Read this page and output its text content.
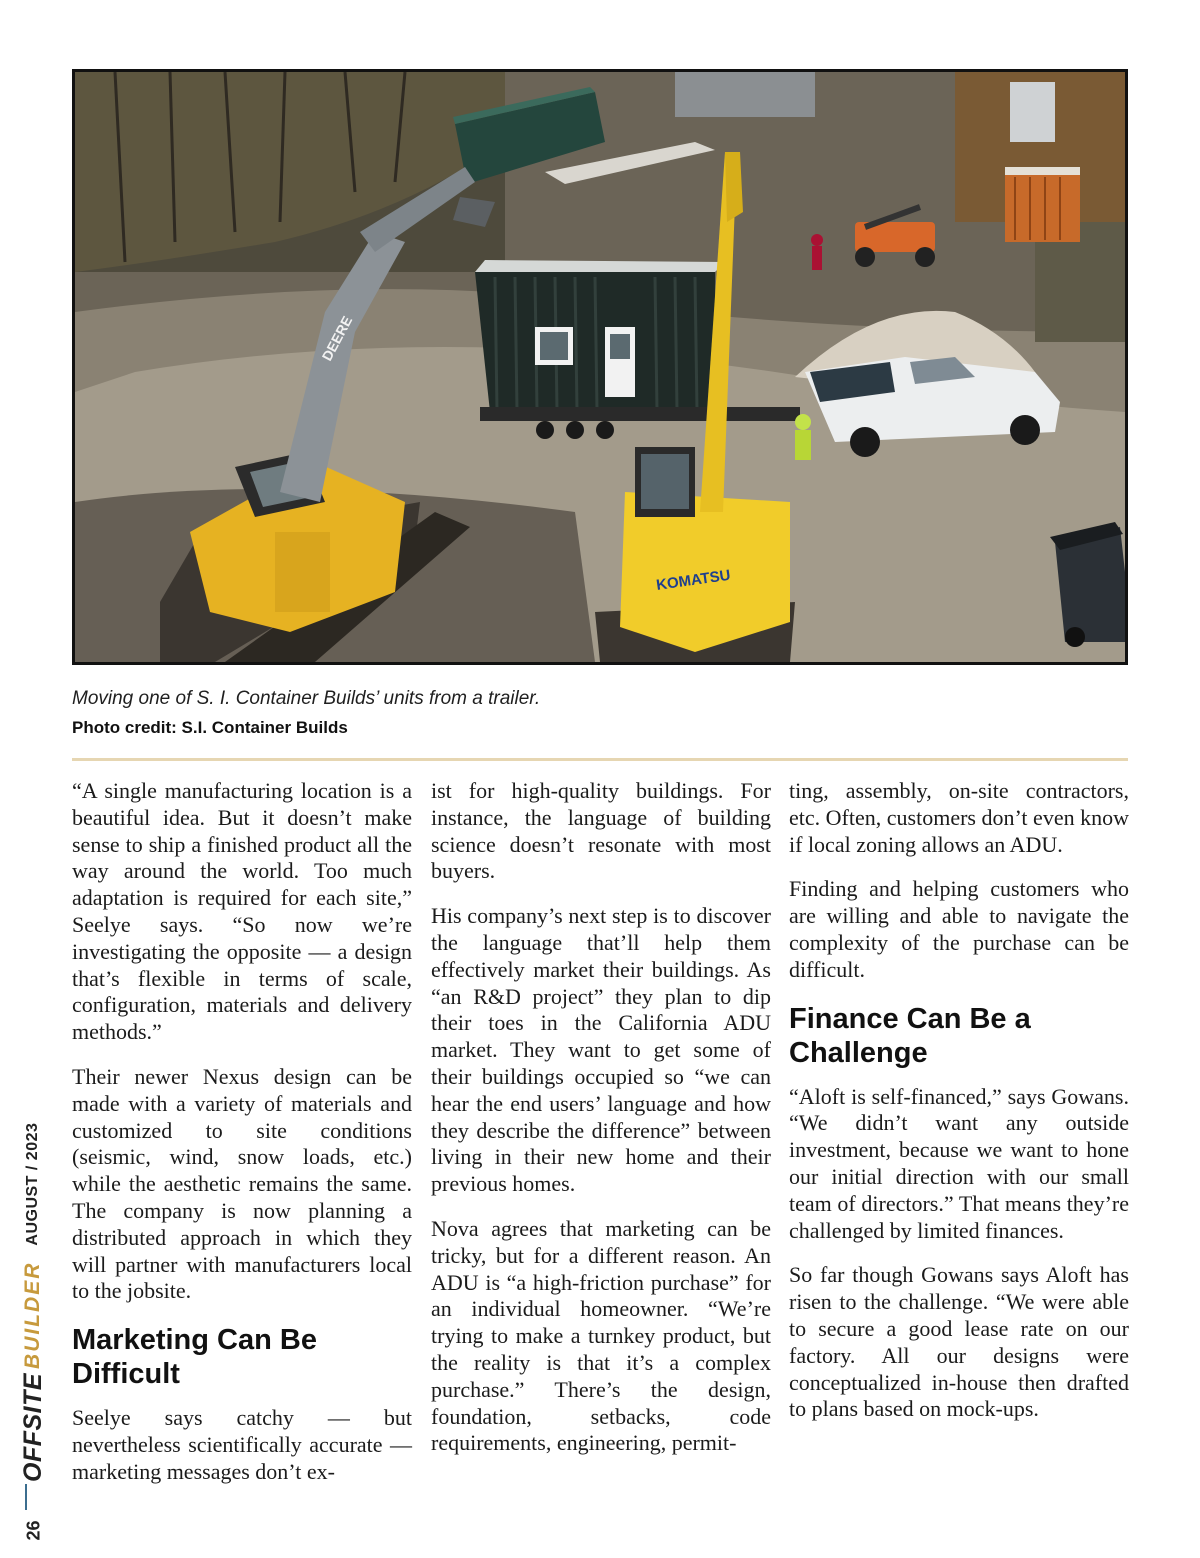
DEERE
KOMATSU
Moving one of S. I. Container Builds’ units from a trailer.
Photo credit: S.I. Container Builds

“A single manufacturing location is a beautiful idea. But it doesn’t make sense to ship a finished product all the way around the world. Too much adaptation is required for each site,” Seelye says. “So now we’re investigating the opposite — a design that’s flexible in terms of scale, configuration, materials and delivery methods.”

Their newer Nexus design can be made with a variety of materials and customized to site conditions (seismic, wind, snow loads, etc.) while the aesthetic remains the same. The company is now planning a distributed approach in which they will partner with manufacturers local to the jobsite.

Marketing Can Be Difficult

Seelye says catchy — but nevertheless scientifically accurate — marketing messages don’t ex-

ist for high-quality buildings. For instance, the language of building science doesn’t resonate with most buyers.

His company’s next step is to discover the language that’ll help them effectively market their buildings. As “an R&D project” they plan to dip their toes in the California ADU market. They want to get some of their buildings occupied so “we can hear the end users’ language and how they describe the difference” between living in their new home and their previous homes.

Nova agrees that marketing can be tricky, but for a different reason. An ADU is “a high-friction purchase” for an individual homeowner. “We’re trying to make a turnkey product, but the reality is that it’s a complex purchase.” There’s the design, foundation, setbacks, code requirements, engineering, permit-

ting, assembly, on-site contractors, etc. Often, customers don’t even know if local zoning allows an ADU.

Finding and helping customers who are willing and able to navigate the complexity of the purchase can be difficult.

Finance Can Be a Challenge

“Aloft is self-financed,” says Gowans. “We didn’t want any outside investment, because we want to hone our initial direction with our small team of directors.” That means they’re challenged by limited finances.

So far though Gowans says Aloft has risen to the challenge. “We were able to secure a good lease rate on our factory. All our designs were conceptualized in-house then drafted to plans based on mock-ups.

OFFSITE
BUILDER
AUGUST / 2023
26
